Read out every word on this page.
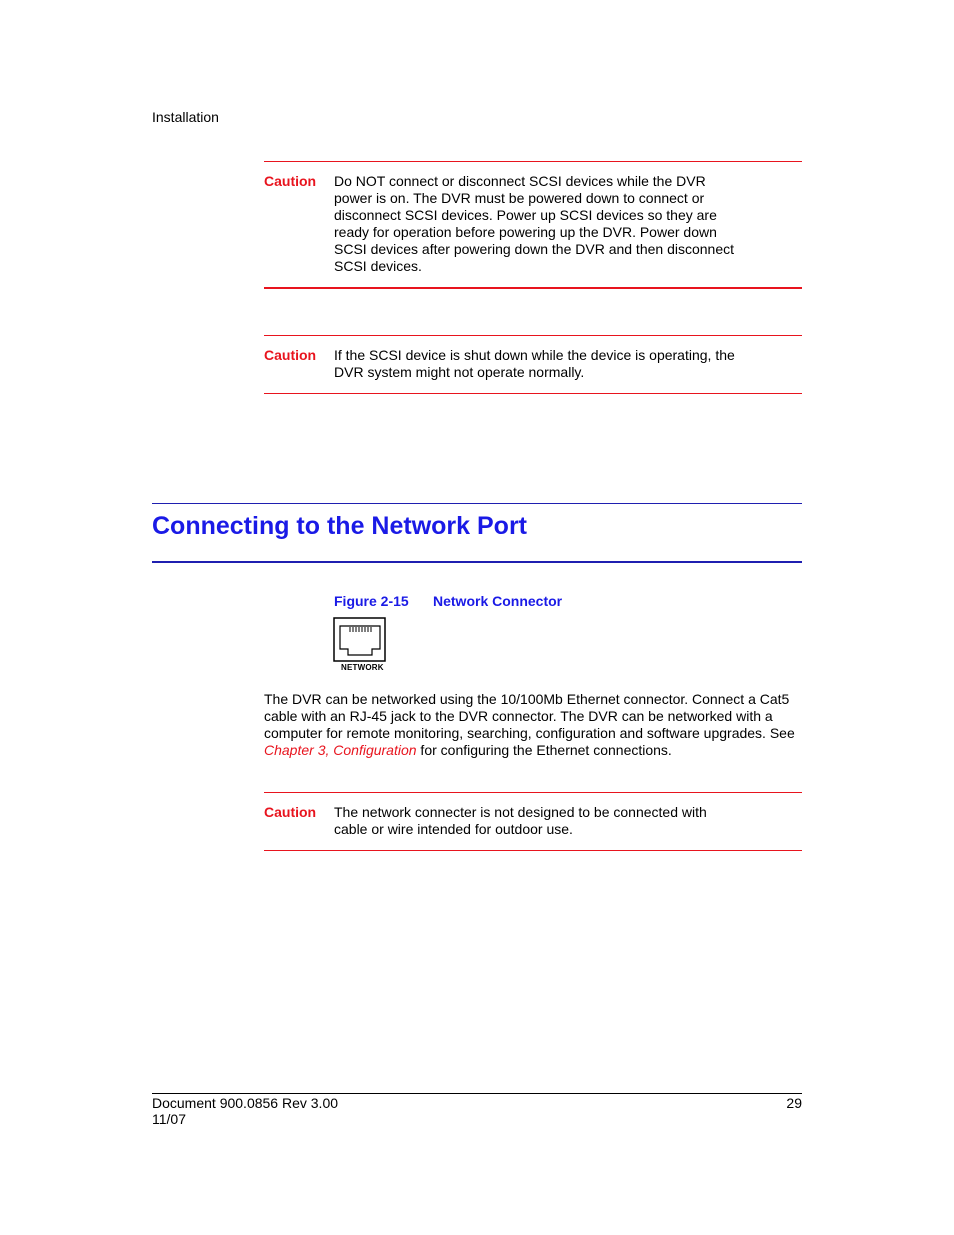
Installation
Caution Do NOT connect or disconnect SCSI devices while the DVR
power is on. The DVR must be powered down to connect or
disconnect SCSI devices. Power up SCSI devices so they are
ready for operation before powering up the DVR. Power down
SCSI devices after powering down the DVR and then disconnect
SCSI devices.
Caution If the SCSI device is shut down while the device is operating, the
DVR system might not operate normally.
Connecting to the Network Port
Figure 2-15 Network Connector
NETWORK
The DVR can be networked using the 10/100Mb Ethernet connector. Connect a Cat5
cable with an RJ-45 jack to the DVR connector. The DVR can be networked with a
computer for remote monitoring, searching, configuration and software upgrades. See
Chapter 3, Configuration for configuring the Ethernet connections.
Caution The network connecter is not designed to be connected with
cable or wire intended for outdoor use.
Document 900.0856 Rev 3.00
11/07
29
